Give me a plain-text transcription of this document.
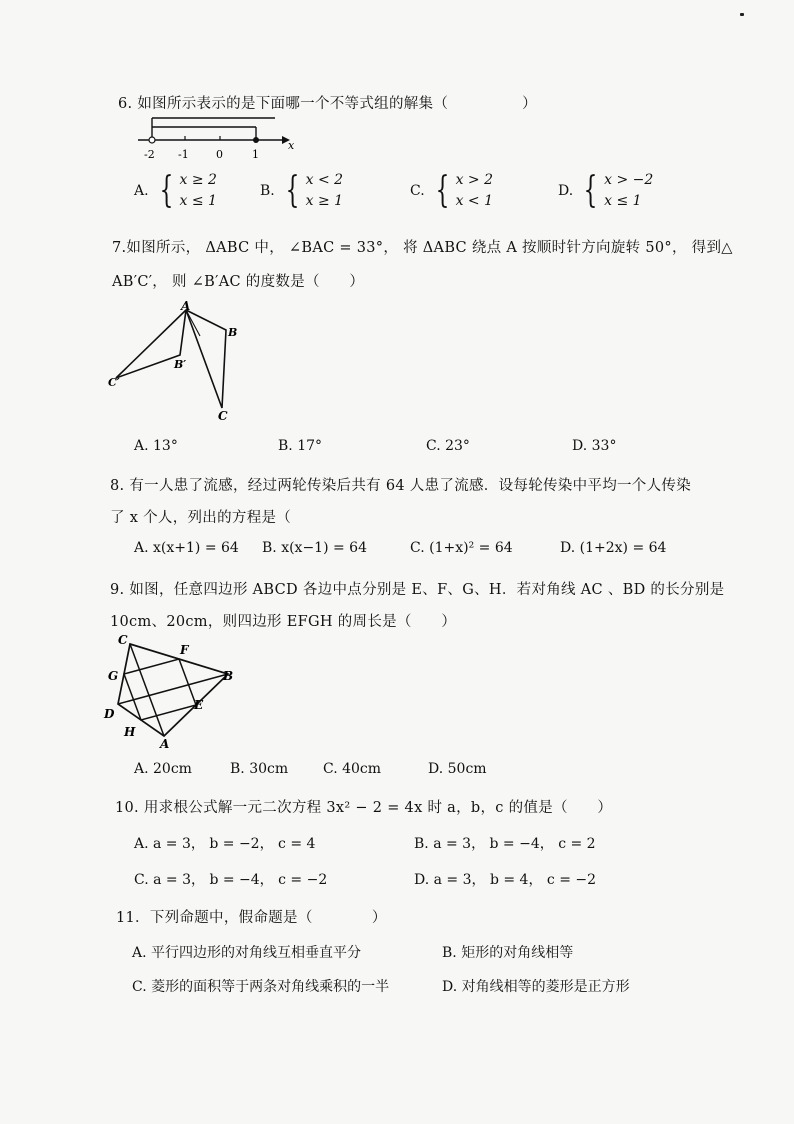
6. 如图所示表示的是下面哪一个不等式组的解集（　　　　　）
-2 -1 0	1
x
A. { x ≥ 2
x ≤ 1
B. { x < 2
x ≥ 1
C. { x > 2
x < 1
D. { x > −2
x ≤ 1
7.如图所示， ΔABC 中， ∠BAC = 33°， 将 ΔABC 绕点 A 按顺时针方向旋转 50°， 得到△
AB′C′， 则 ∠B′AC 的度数是（　　）
A
B
B′
C′
C
A. 13°	B. 17°	C. 23°	D. 33°
8. 有一人患了流感，经过两轮传染后共有 64 人患了流感．设每轮传染中平均一个人传染
了 x 个人，列出的方程是（
A. x(x+1) = 64 B. x(x−1) = 64	C. (1+x)² = 64	D. (1+2x) = 64
9. 如图，任意四边形 ABCD 各边中点分别是 E、F、G、H．若对角线 AC 、BD 的长分别是
10cm、20cm，则四边形 EFGH 的周长是（　　）
C
F
B
G
E
D
H
A
A. 20cm	B. 30cm C. 40cm	D. 50cm
10. 用求根公式解一元二次方程 3x² − 2 = 4x 时 a，b，c 的值是（　　）
A. a = 3， b = −2， c = 4	B. a = 3， b = −4， c = 2
C. a = 3， b = −4， c = −2	D. a = 3， b = 4， c = −2
11．下列命题中，假命题是（　　　　）
A. 平行四边形的对角线互相垂直平分	B. 矩形的对角线相等
C. 菱形的面积等于两条对角线乘积的一半	D. 对角线相等的菱形是正方形
